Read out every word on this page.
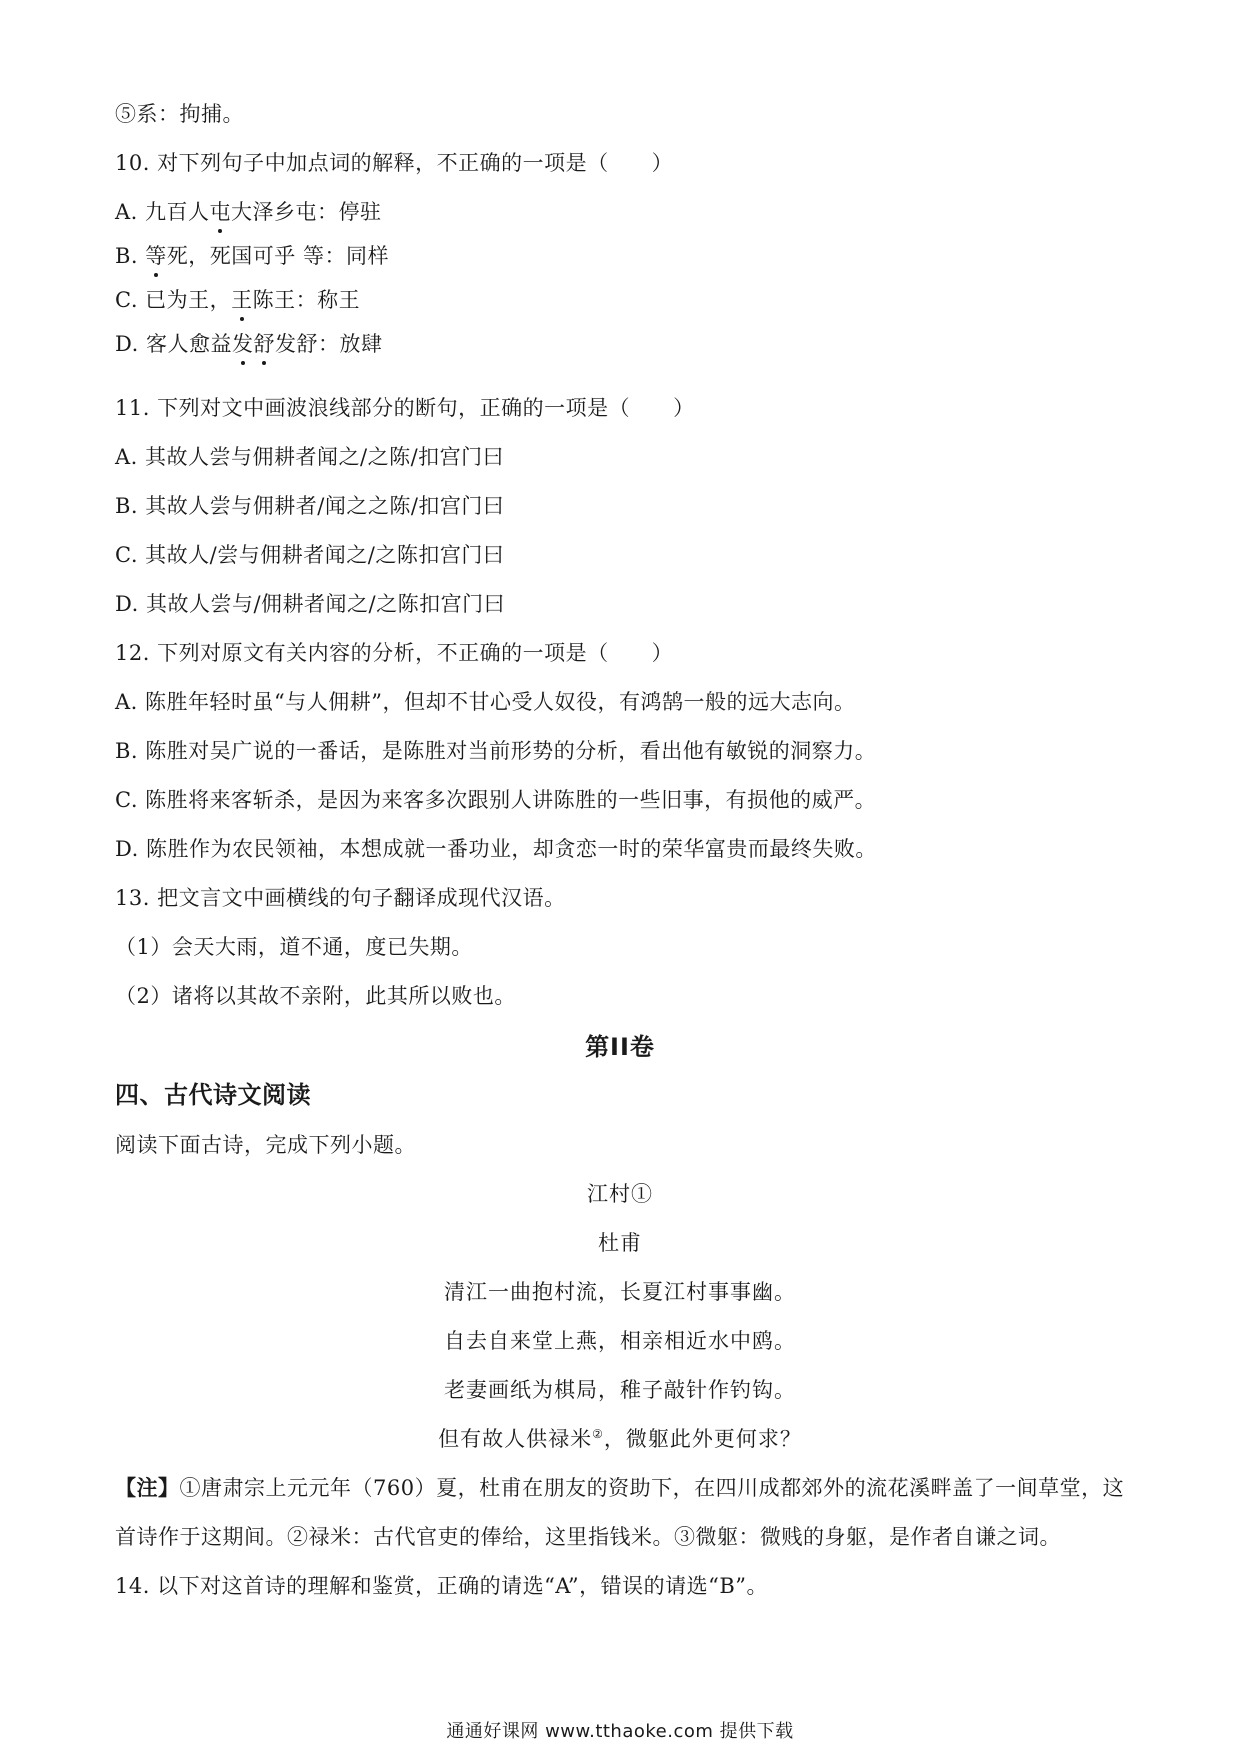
⑤系：拘捕。
10. 对下列句子中加点词的解释，不正确的一项是（　　）
A. 九百人屯大泽乡屯：停驻
B. 等死，死国可乎 等：同样
C. 已为王，王陈王：称王
D. 客人愈益发舒发舒：放肆
11. 下列对文中画波浪线部分的断句，正确的一项是（　　）
A. 其故人尝与佣耕者闻之/之陈/扣宫门曰
B. 其故人尝与佣耕者/闻之之陈/扣宫门曰
C. 其故人/尝与佣耕者闻之/之陈扣宫门曰
D. 其故人尝与/佣耕者闻之/之陈扣宫门曰
12. 下列对原文有关内容的分析，不正确的一项是（　　）
A. 陈胜年轻时虽“与人佣耕”，但却不甘心受人奴役，有鸿鹄一般的远大志向。
B. 陈胜对吴广说的一番话，是陈胜对当前形势的分析，看出他有敏锐的洞察力。
C. 陈胜将来客斩杀，是因为来客多次跟别人讲陈胜的一些旧事，有损他的威严。
D. 陈胜作为农民领袖，本想成就一番功业，却贪恋一时的荣华富贵而最终失败。
13. 把文言文中画横线的句子翻译成现代汉语。
（1）会天大雨，道不通，度已失期。
（2）诸将以其故不亲附，此其所以败也。
第II卷
四、古代诗文阅读
阅读下面古诗，完成下列小题。
江村①
杜甫
清江一曲抱村流，长夏江村事事幽。
自去自来堂上燕，相亲相近水中鸥。
老妻画纸为棋局，稚子敲针作钓钩。
但有故人供禄米②，微躯此外更何求？
【注】①唐肃宗上元元年（760）夏，杜甫在朋友的资助下，在四川成都郊外的流花溪畔盖了一间草堂，这
首诗作于这期间。②禄米：古代官吏的俸给，这里指钱米。③微躯：微贱的身躯，是作者自谦之词。
14. 以下对这首诗的理解和鉴赏，正确的请选“A”，错误的请选“B”。
通通好课网 www.tthaoke.com 提供下载
